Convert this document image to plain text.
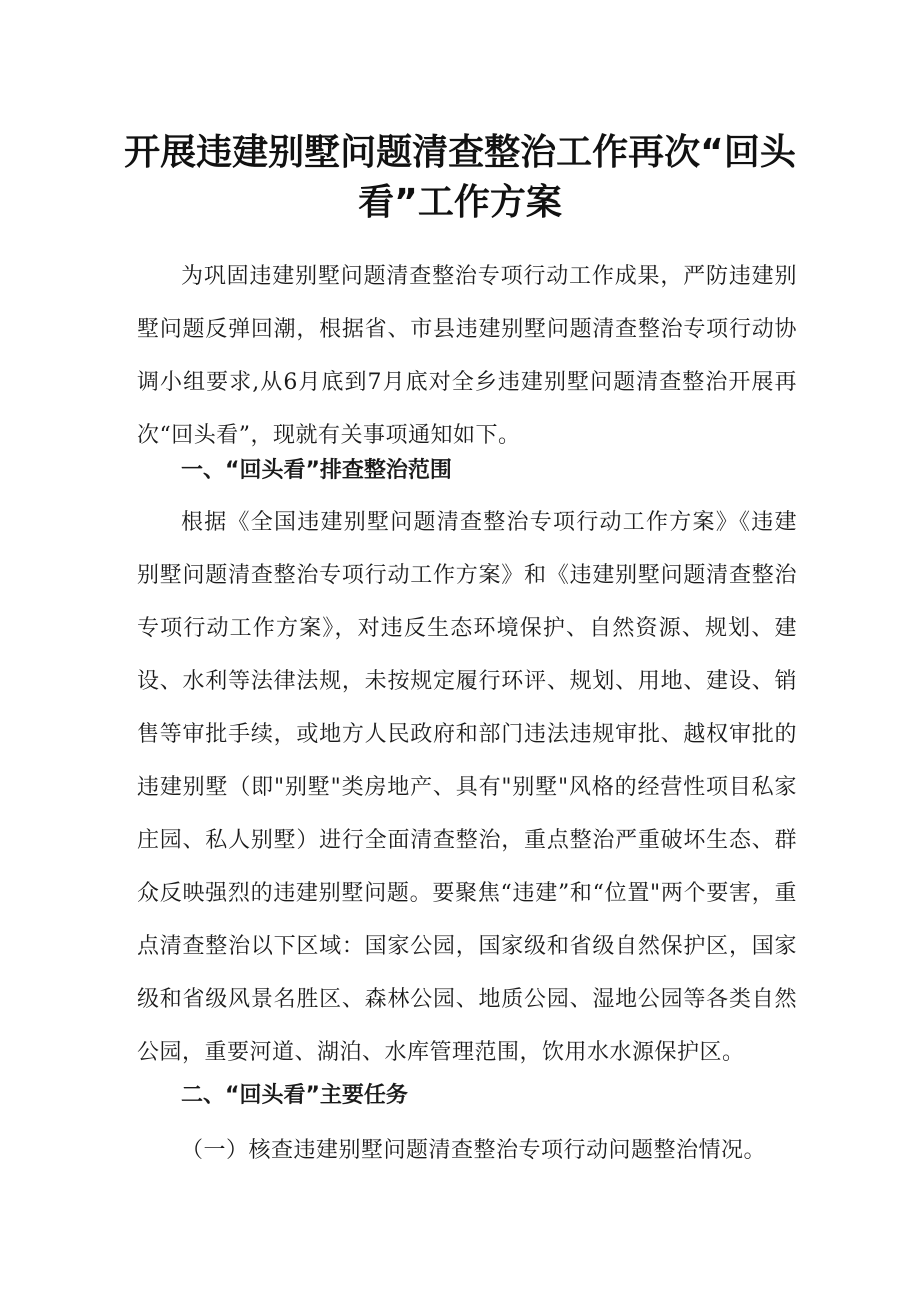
开展违建别墅问题清查整治工作再次“回头
看”工作方案

为巩固违建别墅问题清查整治专项行动工作成果，严防违建别墅问题反弹回潮，根据省、市县违建别墅问题清查整治专项行动协调小组要求,从6月底到7月底对全乡违建别墅问题清查整治开展再次“回头看”，现就有关事项通知如下。

一、“回头看”排查整治范围

根据《全国违建别墅问题清查整治专项行动工作方案》《违建别墅问题清查整治专项行动工作方案》和《违建别墅问题清查整治专项行动工作方案》，对违反生态环境保护、自然资源、规划、建设、水利等法律法规，未按规定履行环评、规划、用地、建设、销售等审批手续，或地方人民政府和部门违法违规审批、越权审批的违建别墅（即"别墅"类房地产、具有"别墅"风格的经营性项目私家庄园、私人别墅）进行全面清查整治，重点整治严重破坏生态、群众反映强烈的违建别墅问题。要聚焦“违建”和“位置"两个要害，重点清查整治以下区域：国家公园，国家级和省级自然保护区，国家级和省级风景名胜区、森林公园、地质公园、湿地公园等各类自然公园，重要河道、湖泊、水库管理范围，饮用水水源保护区。

二、“回头看”主要任务

（一）核查违建别墅问题清查整治专项行动问题整治情况。
